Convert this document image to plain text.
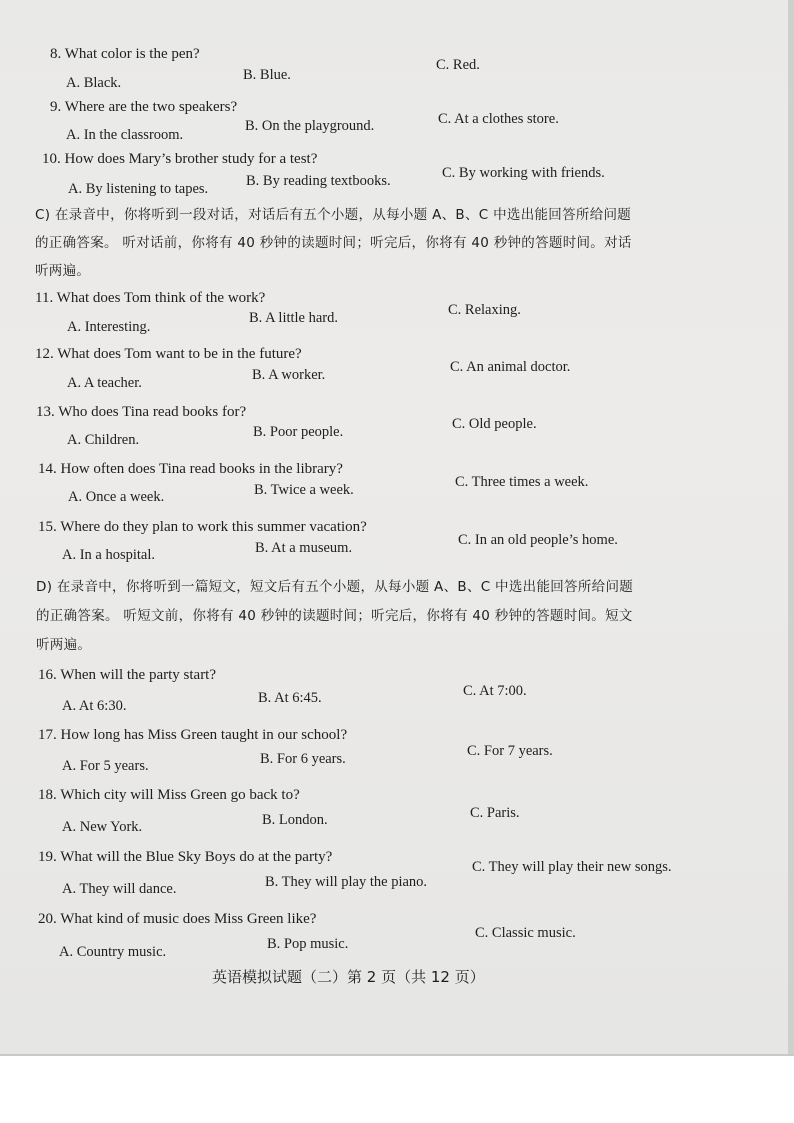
8. What color is the pen?
A. Black.	B. Blue.
C. Red.
9. Where are the two speakers?
A. In the classroom.
B. On the playground.	C. At a clothes store.
10. How does Mary’s brother study for a test?
A. By listening to tapes.	B. By reading textbooks.	C. By working with friends.
C) 在录音中，你将听到一段对话，对话后有五个小题，从每小题 A、B、C 中选出能回答所给问题
的正确答案。 听对话前，你将有 40 秒钟的读题时间；听完后，你将有 40 秒钟的答题时间。对话
听两遍。
11. What does Tom think of the work?
A. Interesting.
B. A little hard.	C. Relaxing.
12. What does Tom want to be in the future?
A. A teacher.	B. A worker.	C. An animal doctor.
13. Who does Tina read books for?
A. Children.	B. Poor people.	C. Old people.
14. How often does Tina read books in the library?
A. Once a week.	B. Twice a week.	C. Three times a week.
15. Where do they plan to work this summer vacation?
A. In a hospital.	B. At a museum.	C. In an old people’s home.
D) 在录音中，你将听到一篇短文，短文后有五个小题，从每小题 A、B、C 中选出能回答所给问题
的正确答案。 听短文前，你将有 40 秒钟的读题时间；听完后，你将有 40 秒钟的答题时间。短文
听两遍。
16. When will the party start?
A. At 6:30.	B. At 6:45.	C. At 7:00.
17. How long has Miss Green taught in our school?
A. For 5 years.	B. For 6 years.	C. For 7 years.
18. Which city will Miss Green go back to?
A. New York.	B. London.	C. Paris.
19. What will the Blue Sky Boys do at the party?
A. They will dance.	B. They will play the piano.
C. They will play their new songs.
20. What kind of music does Miss Green like?
A. Country music.	B. Pop music.
C. Classic music.
英语模拟试题（二）第 2 页（共 12 页）
